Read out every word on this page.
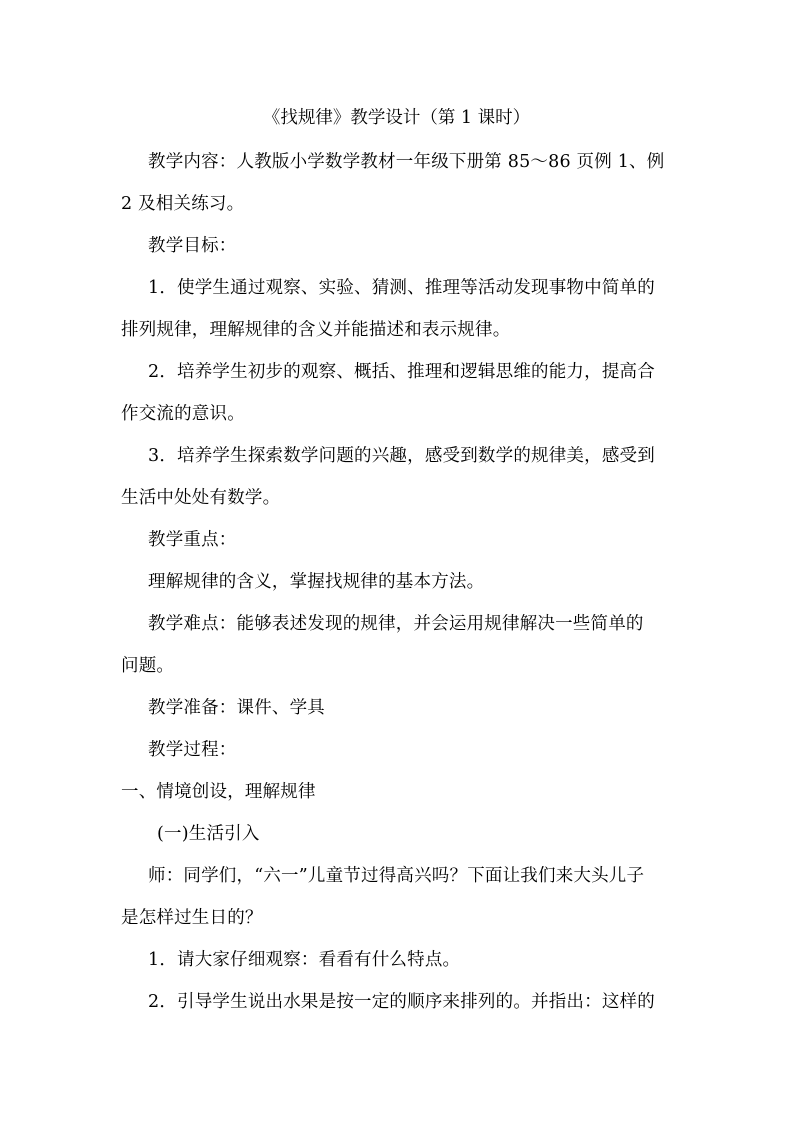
《找规律》教学设计（第 1 课时）
教学内容：人教版小学数学教材一年级下册第 85～86 页例 1、例
2 及相关练习。
教学目标：
1．使学生通过观察、实验、猜测、推理等活动发现事物中简单的
排列规律，理解规律的含义并能描述和表示规律。
2．培养学生初步的观察、概括、推理和逻辑思维的能力，提高合
作交流的意识。
3．培养学生探索数学问题的兴趣，感受到数学的规律美，感受到
生活中处处有数学。
教学重点：
理解规律的含义，掌握找规律的基本方法。
教学难点：能够表述发现的规律，并会运用规律解决一些简单的
问题。
教学准备：课件、学具
教学过程：
一、情境创设，理解规律
(一)生活引入
师：同学们，“六一”儿童节过得高兴吗？下面让我们来大头儿子
是怎样过生日的？
1．请大家仔细观察：看看有什么特点。
2．引导学生说出水果是按一定的顺序来排列的。并指出：这样的
